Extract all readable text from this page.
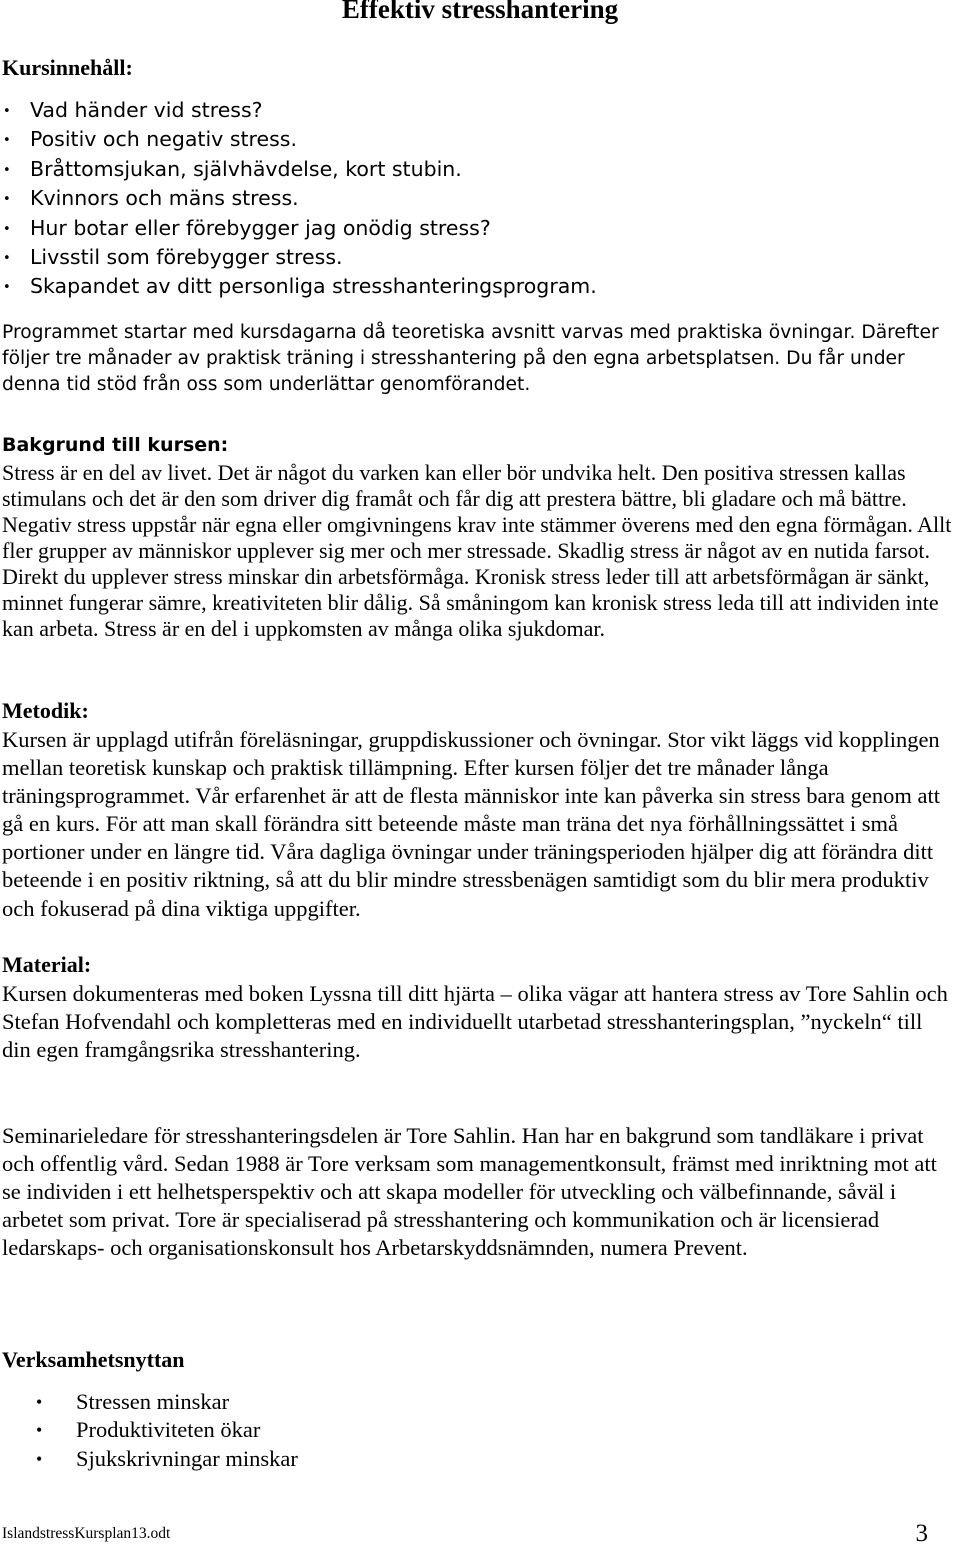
Effektiv stresshantering
Kursinnehåll:
• Vad händer vid stress?
• Positiv och negativ stress.
• Bråttomsjukan, självhävdelse, kort stubin.
• Kvinnors och mäns stress.
• Hur botar eller förebygger jag onödig stress?
• Livsstil som förebygger stress.
• Skapandet av ditt personliga stresshanteringsprogram.

Programmet startar med kursdagarna då teoretiska avsnitt varvas med praktiska övningar. Därefter följer tre månader av praktisk träning i stresshantering på den egna arbetsplatsen. Du får under denna tid stöd från oss som underlättar genomförandet.

Bakgrund till kursen:

Stress är en del av livet. Det är något du varken kan eller bör undvika helt. Den positiva stressen kallas stimulans och det är den som driver dig framåt och får dig att prestera bättre, bli gladare och må bättre. Negativ stress uppstår när egna eller omgivningens krav inte stämmer överens med den egna förmågan. Allt fler grupper av människor upplever sig mer och mer stressade. Skadlig stress är något av en nutida farsot. Direkt du upplever stress minskar din arbetsförmåga. Kronisk stress leder till att arbetsförmågan är sänkt, minnet fungerar sämre, kreativiteten blir dålig. Så småningom kan kronisk stress leda till att individen inte kan arbeta. Stress är en del i uppkomsten av många olika sjukdomar.

Metodik:

Kursen är upplagd utifrån föreläsningar, gruppdiskussioner och övningar. Stor vikt läggs vid kopplingen mellan teoretisk kunskap och praktisk tillämpning. Efter kursen följer det tre månader långa träningsprogrammet. Vår erfarenhet är att de flesta människor inte kan påverka sin stress bara genom att gå en kurs. För att man skall förändra sitt beteende måste man träna det nya förhållningssättet i små portioner under en längre tid. Våra dagliga övningar under träningsperioden hjälper dig att förändra ditt beteende i en positiv riktning, så att du blir mindre stressbenägen samtidigt som du blir mera produktiv och fokuserad på dina viktiga uppgifter.

Material:

Kursen dokumenteras med boken Lyssna till ditt hjärta – olika vägar att hantera stress av Tore Sahlin och Stefan Hofvendahl och kompletteras med en individuellt utarbetad stresshanteringsplan, ”nyckeln“ till din egen framgångsrika stresshantering.

Seminarieledare för stresshanteringsdelen är Tore Sahlin. Han har en bakgrund som tandläkare i privat och offentlig vård. Sedan 1988 är Tore verksam som managementkonsult, främst med inriktning mot att se individen i ett helhetsperspektiv och att skapa modeller för utveckling och välbefinnande, såväl i arbetet som privat. Tore är specialiserad på stresshantering och kommunikation och är licensierad ledarskaps- och organisationskonsult hos Arbetarskyddsnämnden, numera Prevent.

Verksamhetsnyttan
• Stressen minskar
• Produktiviteten ökar
• Sjukskrivningar minskar
IslandstressKursplan13.odt	3
